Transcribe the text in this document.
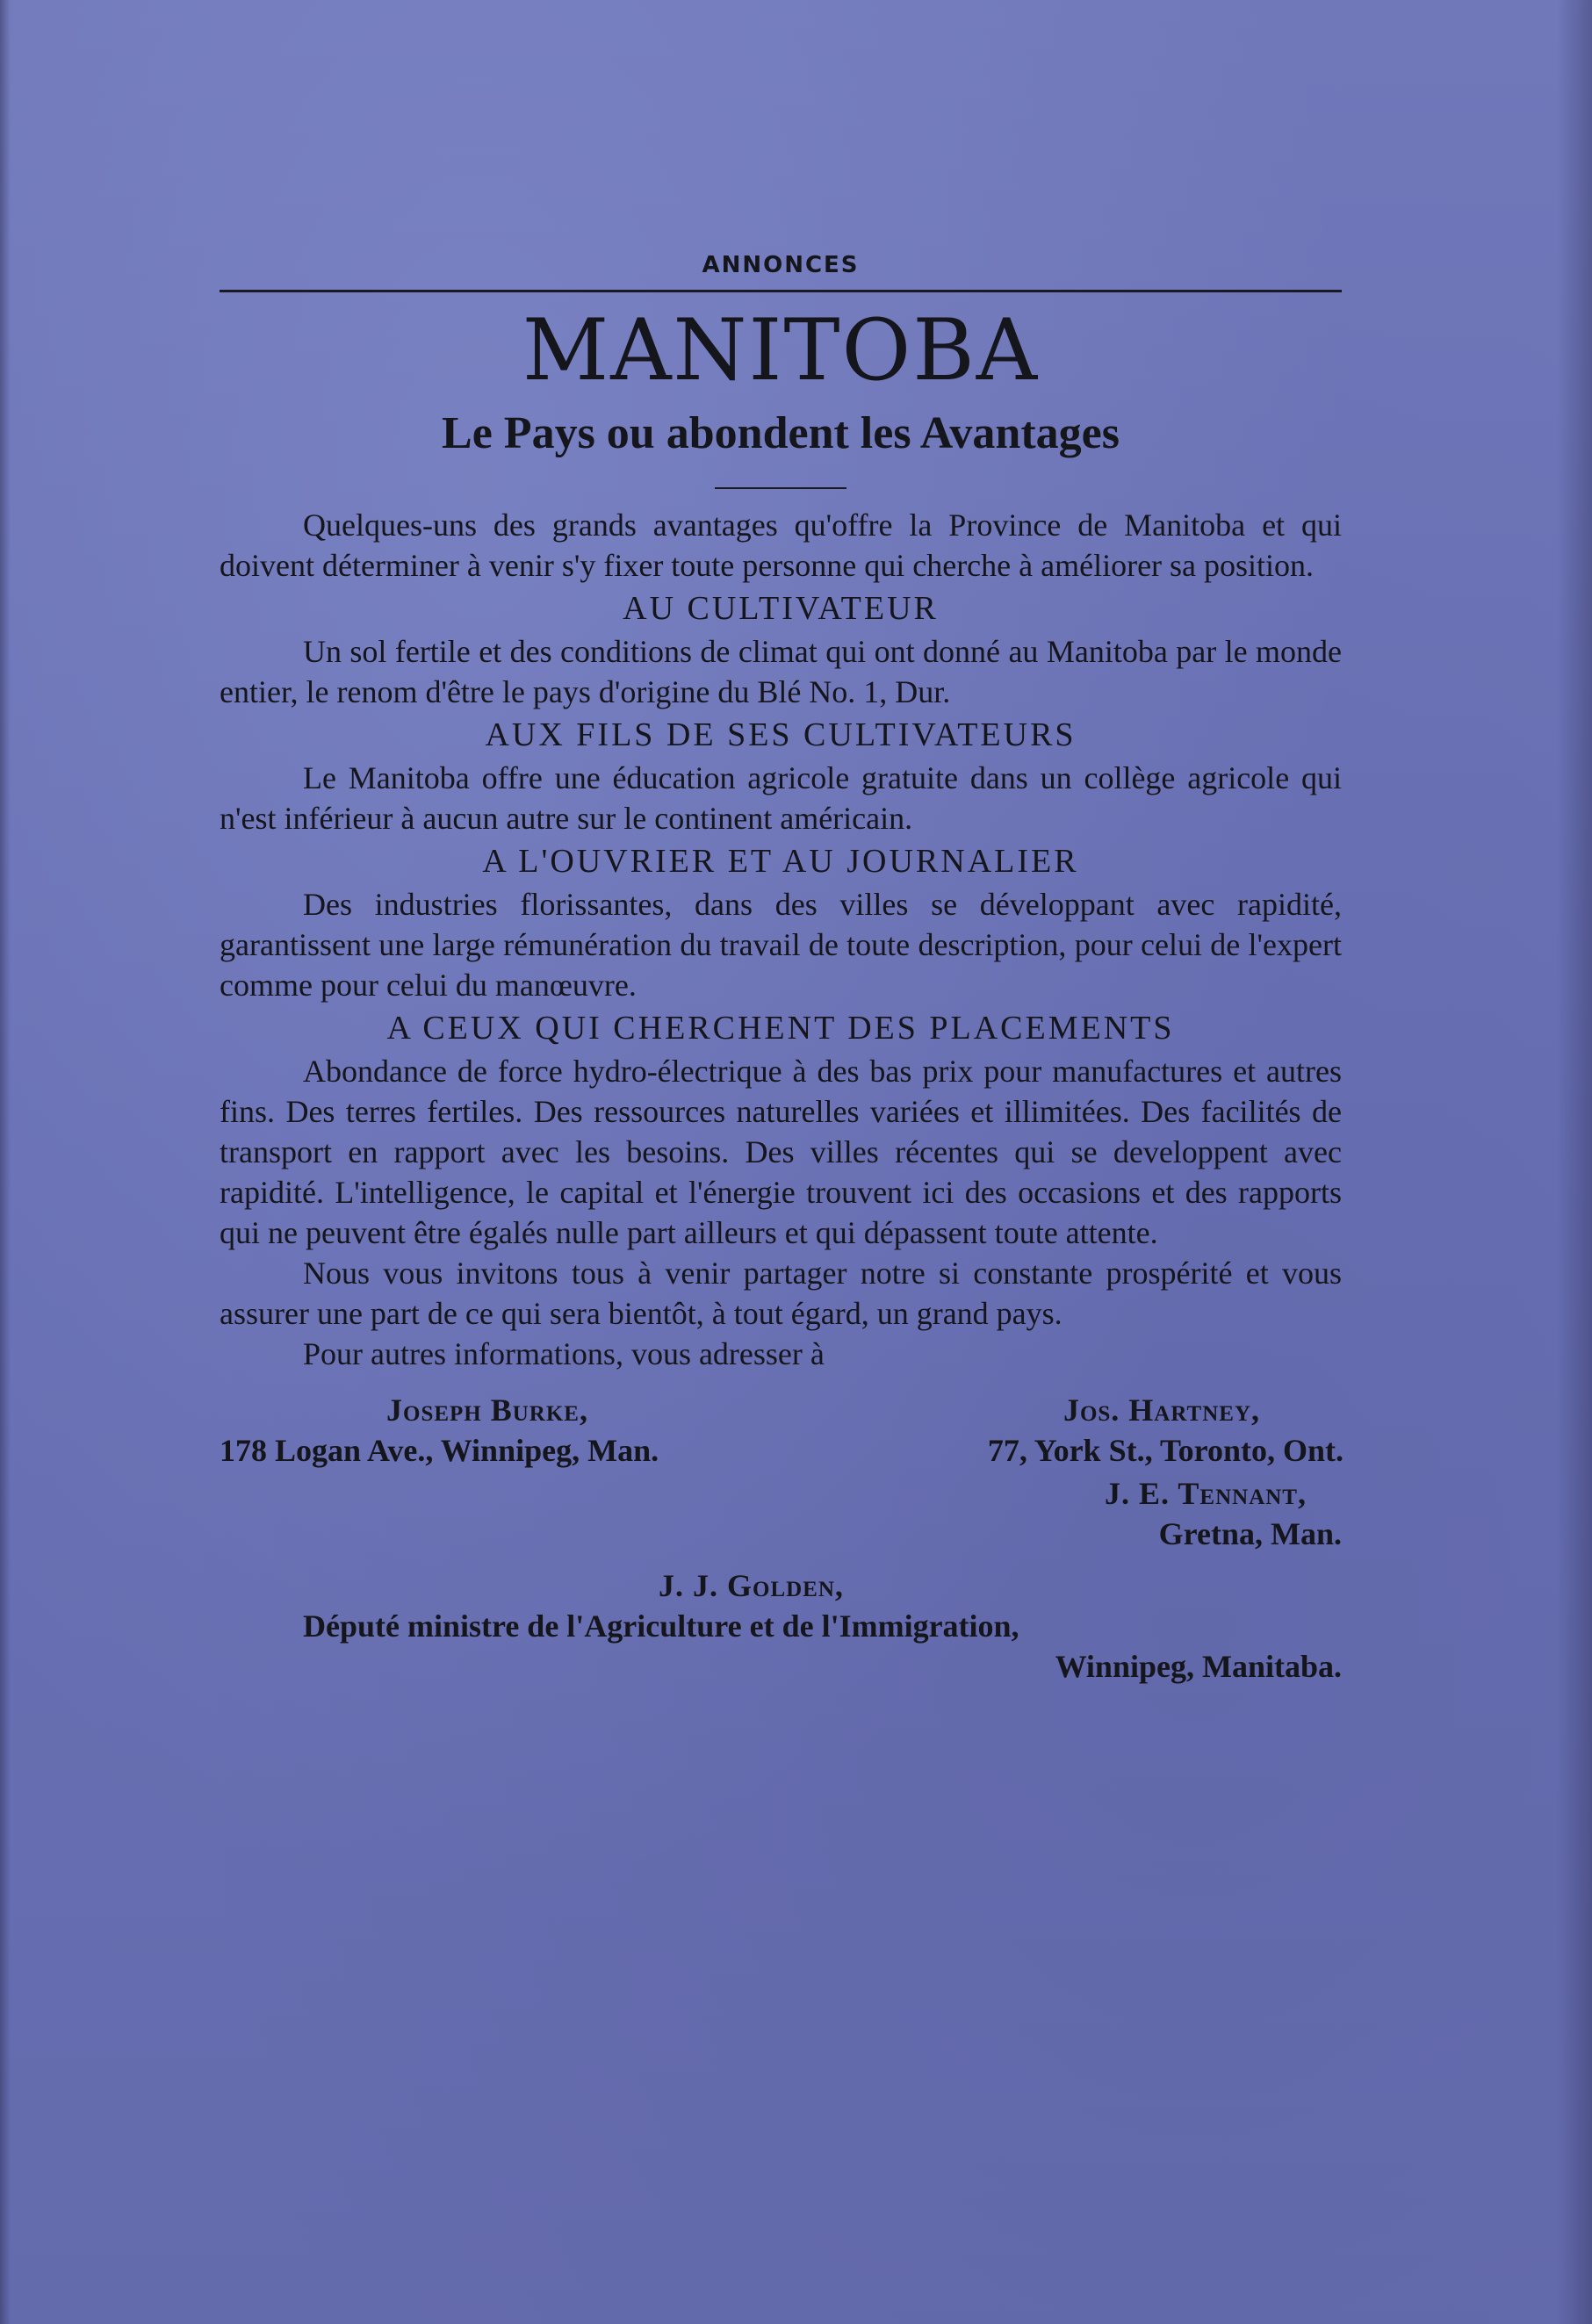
ANNONCES
MANITOBA
Le Pays ou abondent les Avantages

Quelques-uns des grands avantages qu'offre la Province de Manitoba et qui doivent déterminer à venir s'y fixer toute personne qui cherche à améliorer sa position.

AU CULTIVATEUR

Un sol fertile et des conditions de climat qui ont donné au Manitoba par le monde entier, le renom d'être le pays d'origine du Blé No. 1, Dur.

AUX FILS DE SES CULTIVATEURS

Le Manitoba offre une éducation agricole gratuite dans un collège agricole qui n'est inférieur à aucun autre sur le continent américain.

A L'OUVRIER ET AU JOURNALIER

Des industries florissantes, dans des villes se développant avec rapidité, garantissent une large rémunération du travail de toute description, pour celui de l'expert comme pour celui du manœuvre.

A CEUX QUI CHERCHENT DES PLACEMENTS

Abondance de force hydro-électrique à des bas prix pour manufactures et autres fins. Des terres fertiles. Des ressources naturelles variées et illimitées. Des facilités de transport en rapport avec les besoins. Des villes récentes qui se developpent avec rapidité. L'intelligence, le capital et l'énergie trouvent ici des occasions et des rapports qui ne peuvent être égalés nulle part ailleurs et qui dépassent toute attente.

Nous vous invitons tous à venir partager notre si constante prospérité et vous assurer une part de ce qui sera bientôt, à tout égard, un grand pays.

Pour autres informations, vous adresser à

Joseph Burke,
178 Logan Ave., Winnipeg, Man.
Jos. Hartney,
77, York St., Toronto, Ont.
J. E. Tennant,
Gretna, Man.
J. J. Golden,
Député ministre de l'Agriculture et de l'Immigration,
Winnipeg, Manitaba.
